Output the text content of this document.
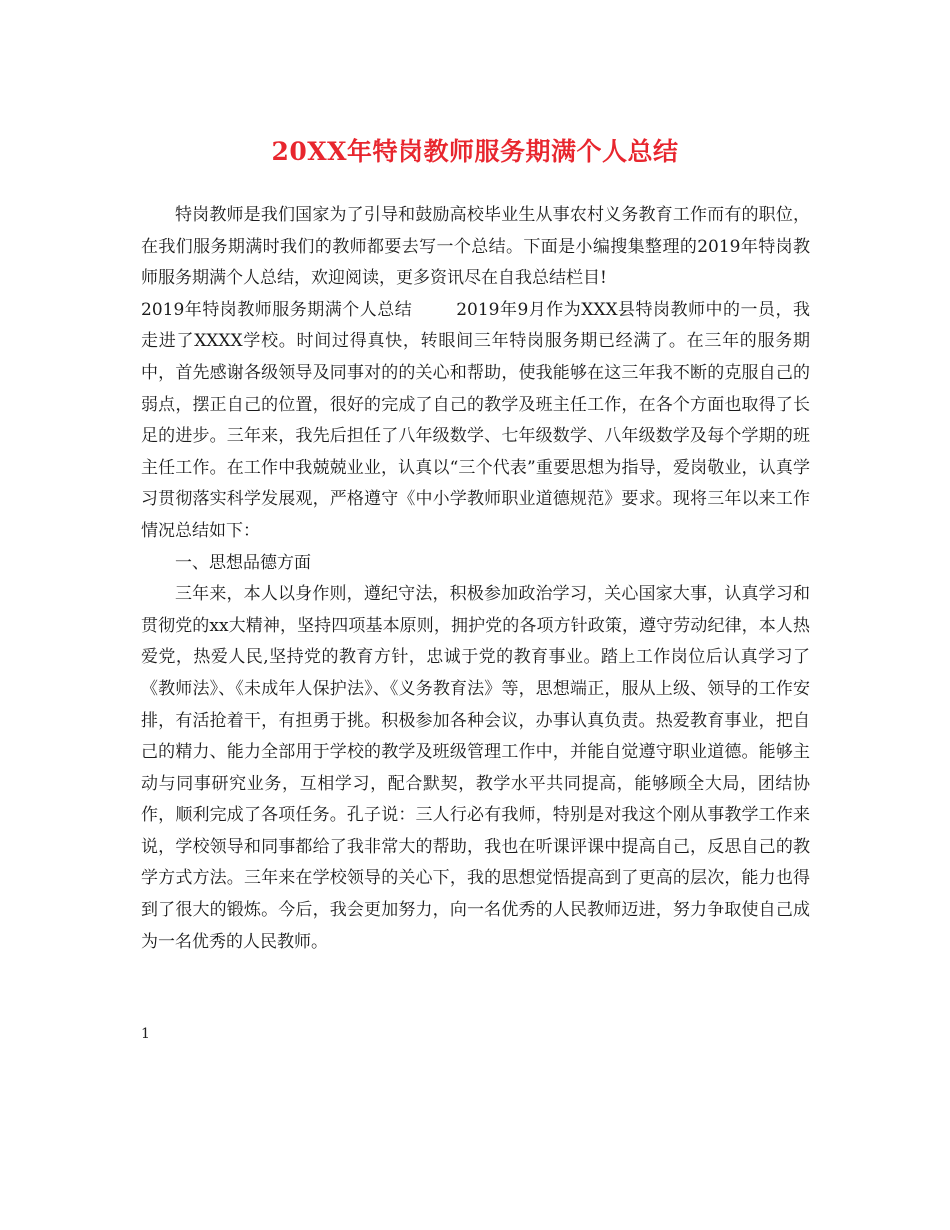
20XX年特岗教师服务期满个人总结

特岗教师是我们国家为了引导和鼓励高校毕业生从事农村义务教育工作而有的职位，在我们服务期满时我们的教师都要去写一个总结。下面是小编搜集整理的2019年特岗教师服务期满个人总结，欢迎阅读，更多资讯尽在自我总结栏目!

2019年特岗教师服务期满个人总结	2019年9月作为XXX县特岗教师中的一员，我走进了XXXX学校。时间过得真快，转眼间三年特岗服务期已经满了。在三年的服务期中，首先感谢各级领导及同事对的的关心和帮助，使我能够在这三年我不断的克服自己的弱点，摆正自己的位置，很好的完成了自己的教学及班主任工作，在各个方面也取得了长足的进步。三年来，我先后担任了八年级数学、七年级数学、八年级数学及每个学期的班主任工作。在工作中我兢兢业业，认真以“三个代表”重要思想为指导，爱岗敬业，认真学习贯彻落实科学发展观，严格遵守《中小学教师职业道德规范》要求。现将三年以来工作情况总结如下：

一、思想品德方面

三年来，本人以身作则，遵纪守法，积极参加政治学习，关心国家大事，认真学习和贯彻党的xx大精神，坚持四项基本原则，拥护党的各项方针政策，遵守劳动纪律，本人热爱党，热爱人民,坚持党的教育方针，忠诚于党的教育事业。踏上工作岗位后认真学习了《教师法》、《未成年人保护法》、《义务教育法》等，思想端正，服从上级、领导的工作安排，有活抢着干，有担勇于挑。积极参加各种会议，办事认真负责。热爱教育事业，把自己的精力、能力全部用于学校的教学及班级管理工作中，并能自觉遵守职业道德。能够主动与同事研究业务，互相学习，配合默契，教学水平共同提高，能够顾全大局，团结协作，顺利完成了各项任务。孔子说：三人行必有我师，特别是对我这个刚从事教学工作来说，学校领导和同事都给了我非常大的帮助，我也在听课评课中提高自己，反思自己的教学方式方法。三年来在学校领导的关心下，我的思想觉悟提高到了更高的层次，能力也得到了很大的锻炼。今后，我会更加努力，向一名优秀的人民教师迈进，努力争取使自己成为一名优秀的人民教师。

1
